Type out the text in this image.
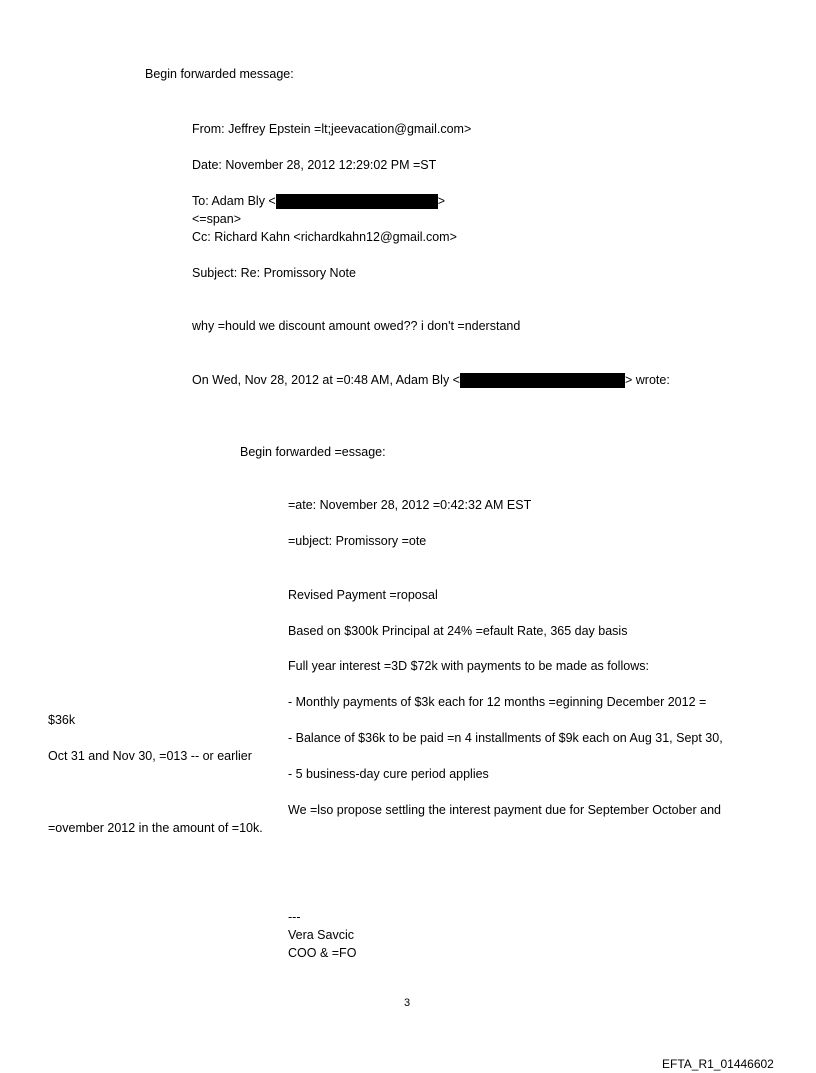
Begin forwarded message:
From: Jeffrey Epstein =lt;jeevacation@gmail.com>
Date: November 28, 2012 12:29:02 PM =ST
To: Adam Bly <	>
<=span>
Cc: Richard Kahn <richardkahn12@gmail.com>
Subject: Re: Promissory Note
why =hould we discount amount owed?? i don't =nderstand
On Wed, Nov 28, 2012 at =0:48 AM, Adam Bly <	> wrote:
Begin forwarded =essage:
=ate: November 28, 2012 =0:42:32 AM EST
=ubject: Promissory =ote
Revised Payment =roposal
Based on $300k Principal at 24% =efault Rate, 365 day basis
Full year interest =3D $72k with payments to be made as follows:
- Monthly payments of $3k each for 12 months =eginning December 2012 =
$36k
- Balance of $36k to be paid =n 4 installments of $9k each on Aug 31, Sept 30,
Oct 31 and Nov 30, =013 -- or earlier
- 5 business-day cure period applies
We =lso propose settling the interest payment due for September October and
=ovember 2012 in the amount of =10k.
---
Vera Savcic
COO & =FO
3
EFTA_R1_01446602
